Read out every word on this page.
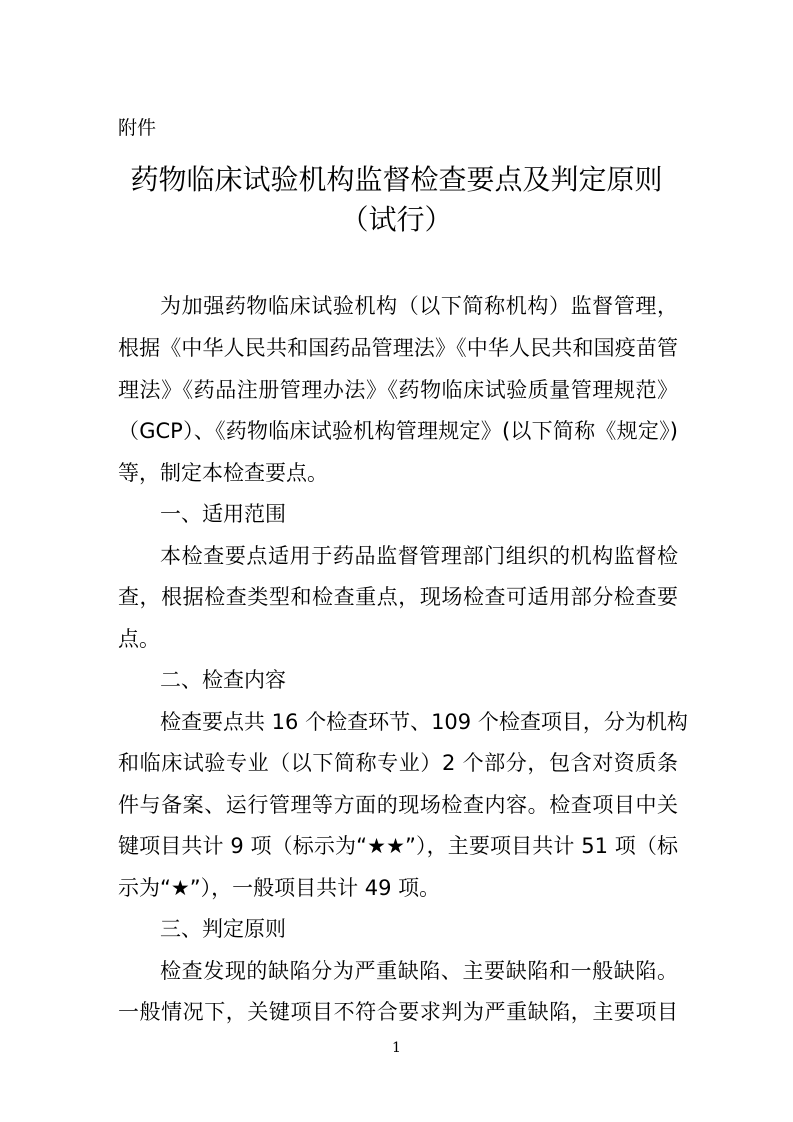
附件
药物临床试验机构监督检查要点及判定原则
（试行）
为加强药物临床试验机构（以下简称机构）监督管理，
根据《中华人民共和国药品管理法》《中华人民共和国疫苗管
理法》《药品注册管理办法》《药物临床试验质量管理规范》
（GCP）、《药物临床试验机构管理规定》(以下简称《规定》)
等，制定本检查要点。
一、适用范围
本检查要点适用于药品监督管理部门组织的机构监督检
查，根据检查类型和检查重点，现场检查可适用部分检查要
点。
二、检查内容
检查要点共 16 个检查环节、109 个检查项目，分为机构
和临床试验专业（以下简称专业）2 个部分，包含对资质条
件与备案、运行管理等方面的现场检查内容。检查项目中关
键项目共计 9 项（标示为“★★”），主要项目共计 51 项（标
示为“★”），一般项目共计 49 项。
三、判定原则
检查发现的缺陷分为严重缺陷、主要缺陷和一般缺陷。
一般情况下，关键项目不符合要求判为严重缺陷，主要项目
1
